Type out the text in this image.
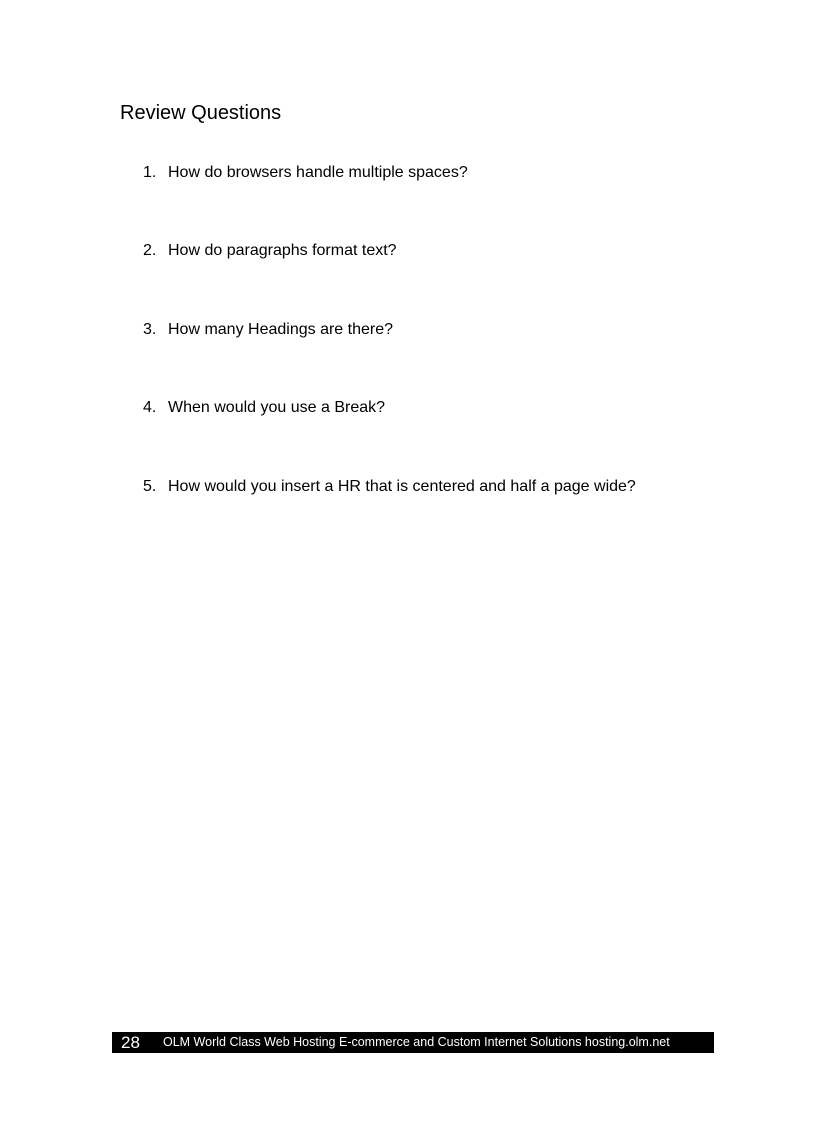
Review Questions
1. How do browsers handle multiple spaces?
2. How do paragraphs format text?
3. How many Headings are there?
4. When would you use a Break?
5. How would you insert a HR that is centered and half a page wide?
28 OLM World Class Web Hosting E-commerce and Custom Internet Solutions hosting.olm.net
